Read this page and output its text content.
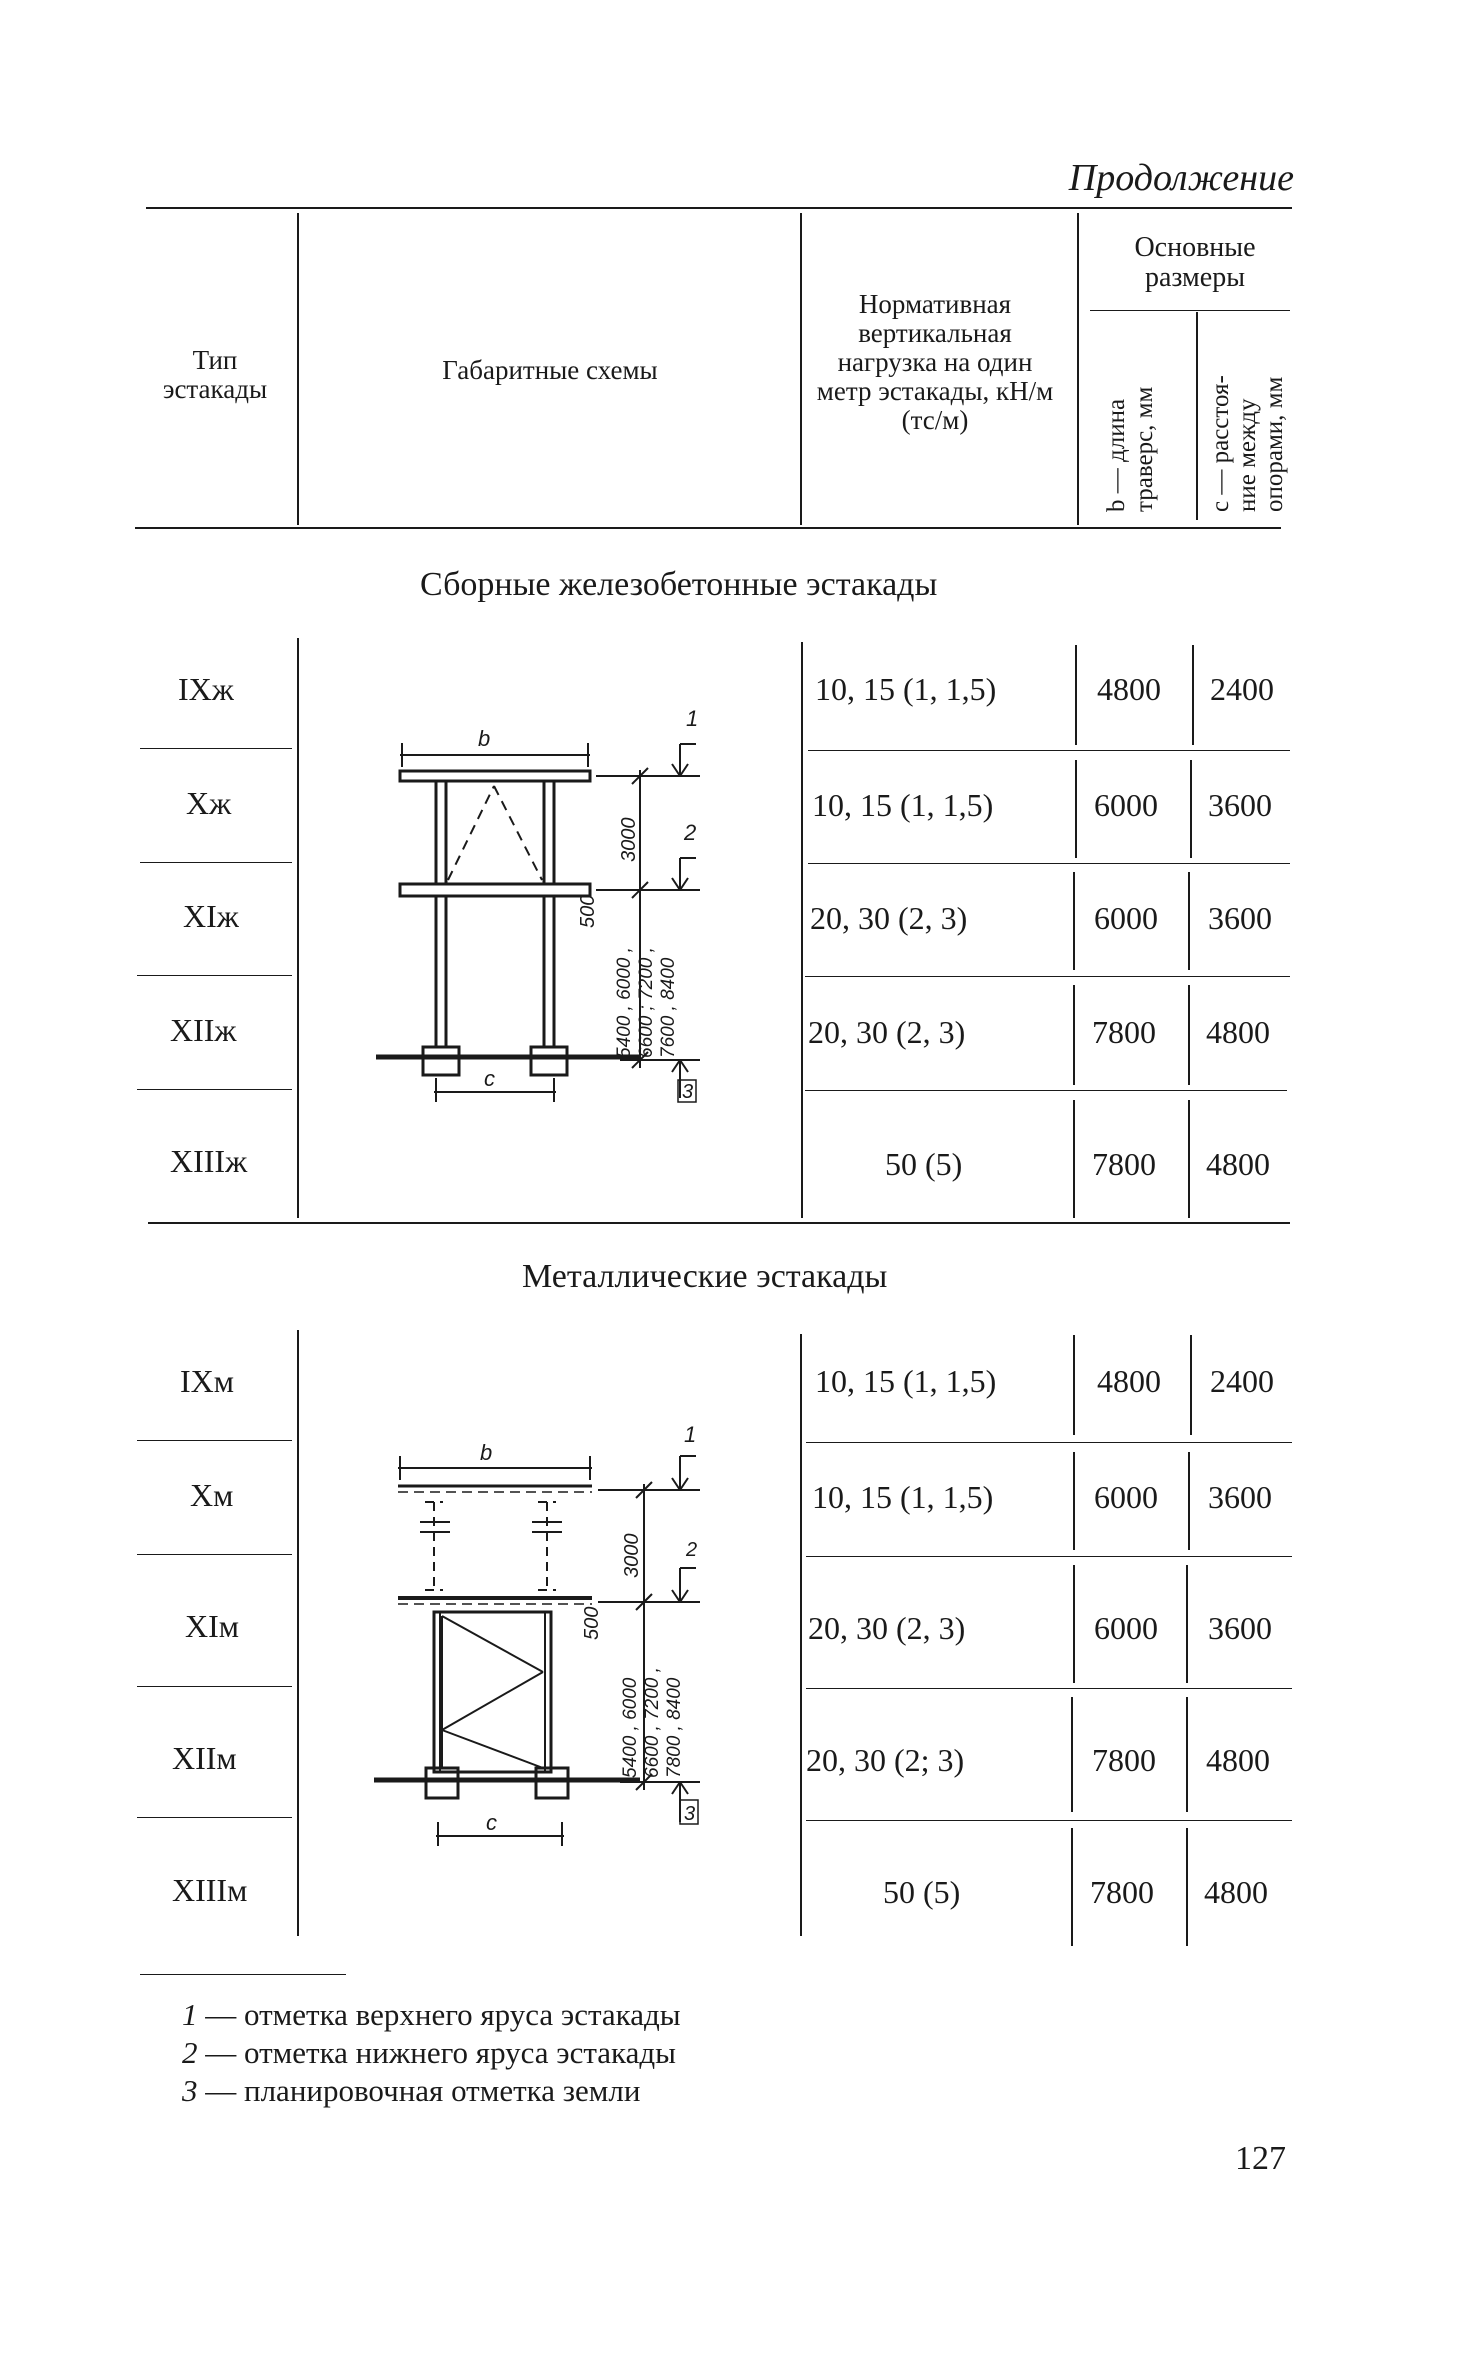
Продолжение
Тип эстакады
Габаритные схемы
Нормативная вертикальная нагрузка на один метр эстакады, кН/м (тс/м)
Основные размеры
b — длина траверс, мм c — расстоя- ние между опорами, мм
Сборные железобетонные эстакады
IXж
Xж
XIж
XIIж
XIIIж
10, 15 (1, 1,5)
10, 15 (1, 1,5)
20, 30 (2, 3)
20, 30 (2, 3)
50 (5)
4800
6000
6000
7800
7800
2400
3600
3600
4800
4800
b
c
3000
500
5400 , 6000 , 6600 ; 7200 , 7600 , 8400
1
2
3
Металлические эстакады
IXм
Xм
XIм
XIIм
XIIIм
10, 15 (1, 1,5)
10, 15 (1, 1,5)
20, 30 (2, 3)
20, 30 (2; 3)
50 (5)
4800
6000
6000
7800
7800
2400
3600
3600
4800
4800
b
c
3000
500
5400 , 6000 6600 , 7200 , 7800 , 8400
1
2
3
1 — отметка верхнего яруса эстакады
2 — отметка нижнего яруса эстакады
3 — планировочная отметка земли
127
